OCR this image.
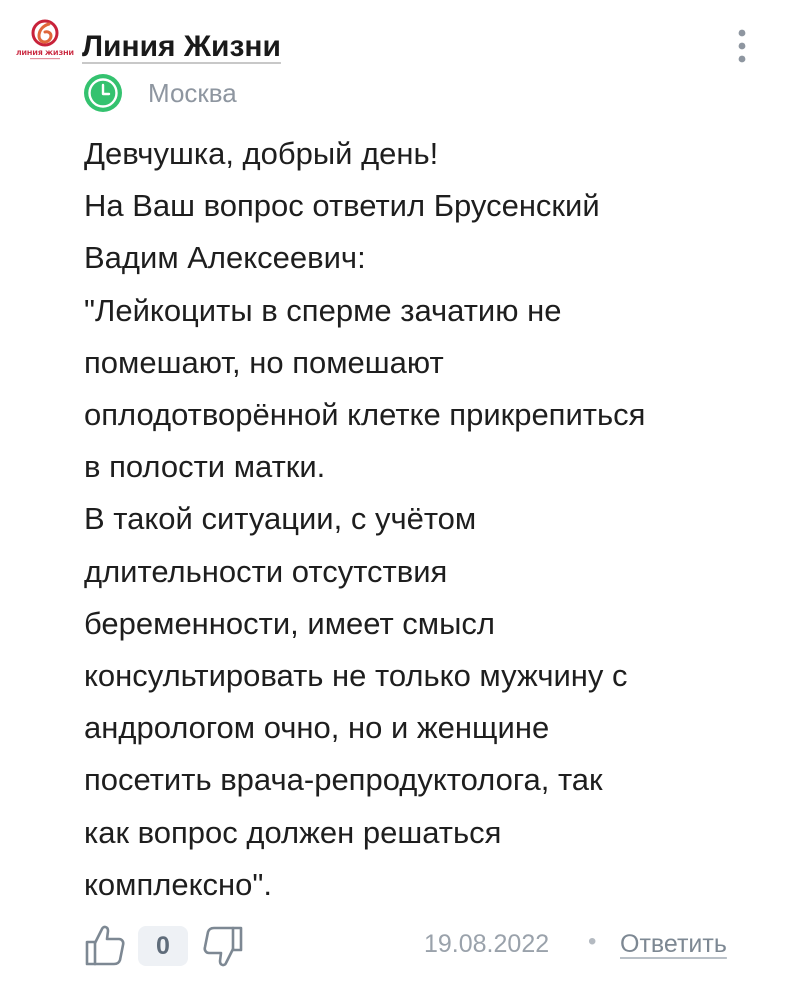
ЛИНИЯ ЖИЗНИ Линия Жизни
Москва
Девчушка, добрый день!
На Ваш вопрос ответил Брусенский
Вадим Алексеевич:
"Лейкоциты в сперме зачатию не
помешают, но помешают
оплодотворённой клетке прикрепиться
в полости матки.
В такой ситуации, с учётом
длительности отсутствия
беременности, имеет смысл
консультировать не только мужчину с
андрологом очно, но и женщине
посетить врача-репродуктолога, так
как вопрос должен решаться
комплексно".
0	19.08.2022 • Ответить
